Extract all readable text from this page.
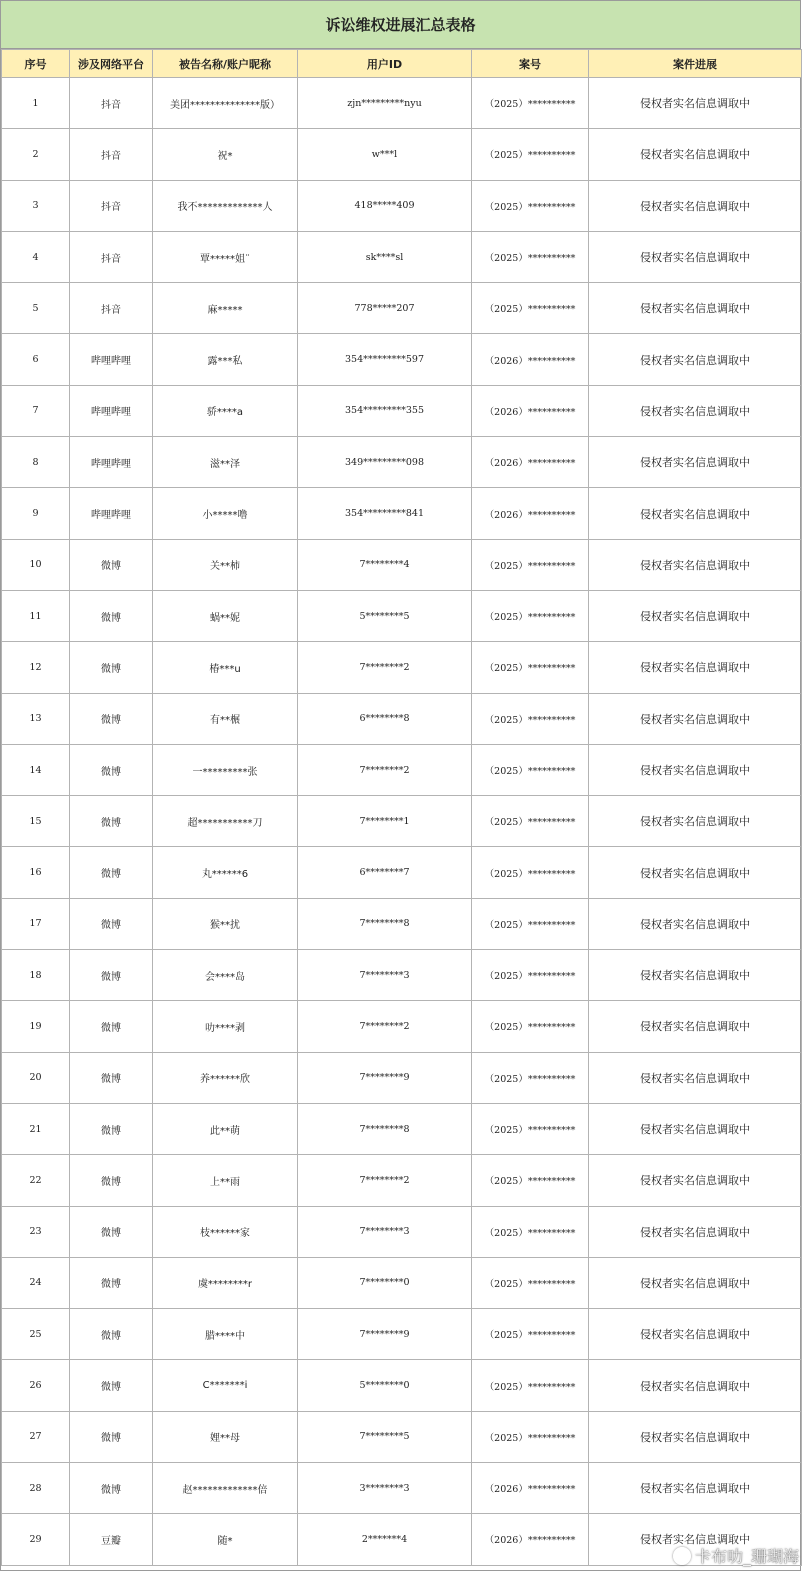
诉讼维权进展汇总表格
序号	涉及网络平台	被告名称/账户昵称	用户ID	案号	案件进展
1	抖音	美团**************版）	zjn*********nyu	（2025）**********	侵权者实名信息调取中
2	抖音	祝*	w***l	（2025）**********	侵权者实名信息调取中
3	抖音	我不*************人	418*****409	（2025）**********	侵权者实名信息调取中
4	抖音	覃*****姐¨	sk****sl	（2025）**********	侵权者实名信息调取中
5	抖音	麻*****	778*****207	（2025）**********	侵权者实名信息调取中
6	哔哩哔哩	露***私	354*********597	（2026）**********	侵权者实名信息调取中
7	哔哩哔哩	骄****a	354*********355	（2026）**********	侵权者实名信息调取中
8	哔哩哔哩	滋**泽	349*********098	（2026）**********	侵权者实名信息调取中
9	哔哩哔哩	小*****噜	354*********841	（2026）**********	侵权者实名信息调取中
10	微博	关**柿	7********4	（2025）**********	侵权者实名信息调取中
11	微博	蜗**妮	5********5	（2025）**********	侵权者实名信息调取中
12	微博	椿***u	7********2	（2025）**********	侵权者实名信息调取中
13	微博	有**榐	6********8	（2025）**********	侵权者实名信息调取中
14	微博	一*********张	7********2	（2025）**********	侵权者实名信息调取中
15	微博	超***********刀	7********1	（2025）**********	侵权者实名信息调取中
16	微博	丸******6	6********7	（2025）**********	侵权者实名信息调取中
17	微博	猴**扰	7********8	（2025）**********	侵权者实名信息调取中
18	微博	会****岛	7********3	（2025）**********	侵权者实名信息调取中
19	微博	叻****剥	7********2	（2025）**********	侵权者实名信息调取中
20	微博	养******欣	7********9	（2025）**********	侵权者实名信息调取中
21	微博	此**萌	7********8	（2025）**********	侵权者实名信息调取中
22	微博	上**雨	7********2	（2025）**********	侵权者实名信息调取中
23	微博	枝******家	7********3	（2025）**********	侵权者实名信息调取中
24	微博	虞********r	7********0	（2025）**********	侵权者实名信息调取中
25	微博	腊****中	7********9	（2025）**********	侵权者实名信息调取中
26	微博	C*******i	5********0	（2025）**********	侵权者实名信息调取中
27	微博	娌**母	7********5	（2025）**********	侵权者实名信息调取中
28	微博	赵*************倍	3********3	（2026）**********	侵权者实名信息调取中
29	豆瓣	随*	2*******4	（2026）**********	侵权者实名信息调取中
卡布叻_珊瑚海
